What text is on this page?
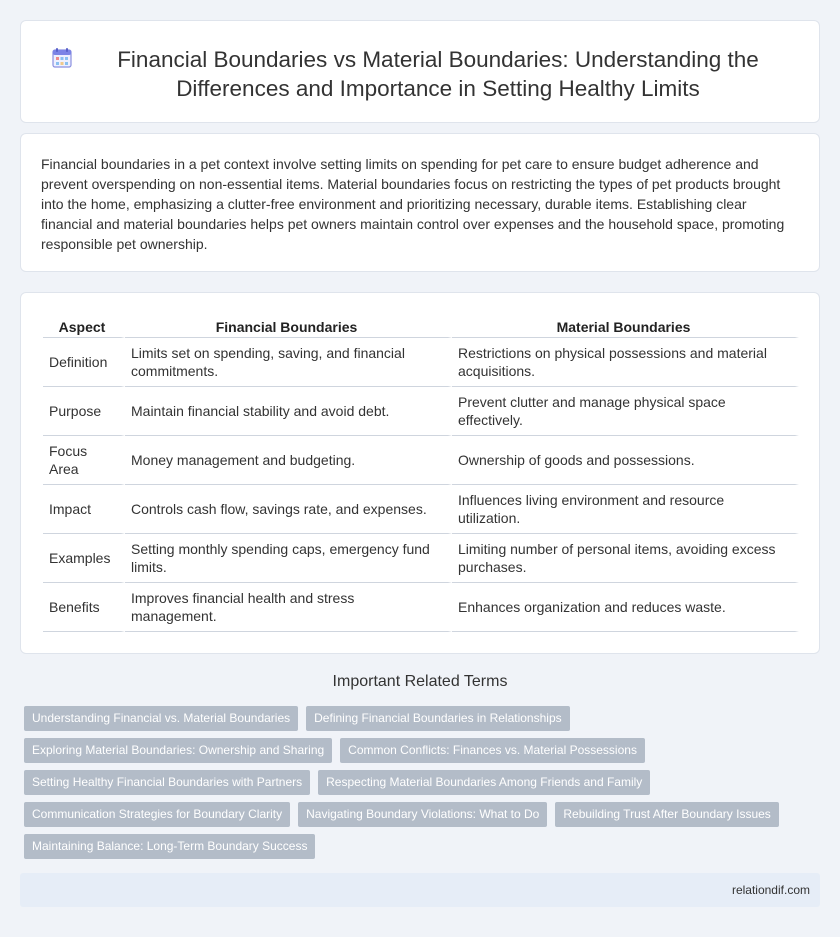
Financial Boundaries vs Material Boundaries: Understanding the Differences and Importance in Setting Healthy Limits

Financial boundaries in a pet context involve setting limits on spending for pet care to ensure budget adherence and prevent overspending on non-essential items. Material boundaries focus on restricting the types of pet products brought into the home, emphasizing a clutter-free environment and prioritizing necessary, durable items. Establishing clear financial and material boundaries helps pet owners maintain control over expenses and the household space, promoting responsible pet ownership.

Aspect	Financial Boundaries	Material Boundaries
Definition	Limits set on spending, saving, and financial commitments.	Restrictions on physical possessions and material acquisitions.
Purpose	Maintain financial stability and avoid debt.	Prevent clutter and manage physical space effectively.
Focus Area	Money management and budgeting.	Ownership of goods and possessions.
Impact	Controls cash flow, savings rate, and expenses.	Influences living environment and resource utilization.
Examples	Setting monthly spending caps, emergency fund limits.	Limiting number of personal items, avoiding excess purchases.
Benefits	Improves financial health and stress management.	Enhances organization and reduces waste.
Important Related Terms
Understanding Financial vs. Material Boundaries	Defining Financial Boundaries in Relationships
Exploring Material Boundaries: Ownership and Sharing	Common Conflicts: Finances vs. Material Possessions
Setting Healthy Financial Boundaries with Partners	Respecting Material Boundaries Among Friends and Family
Communication Strategies for Boundary Clarity	Navigating Boundary Violations: What to Do	Rebuilding Trust After Boundary Issues
Maintaining Balance: Long-Term Boundary Success
relationdif.com
